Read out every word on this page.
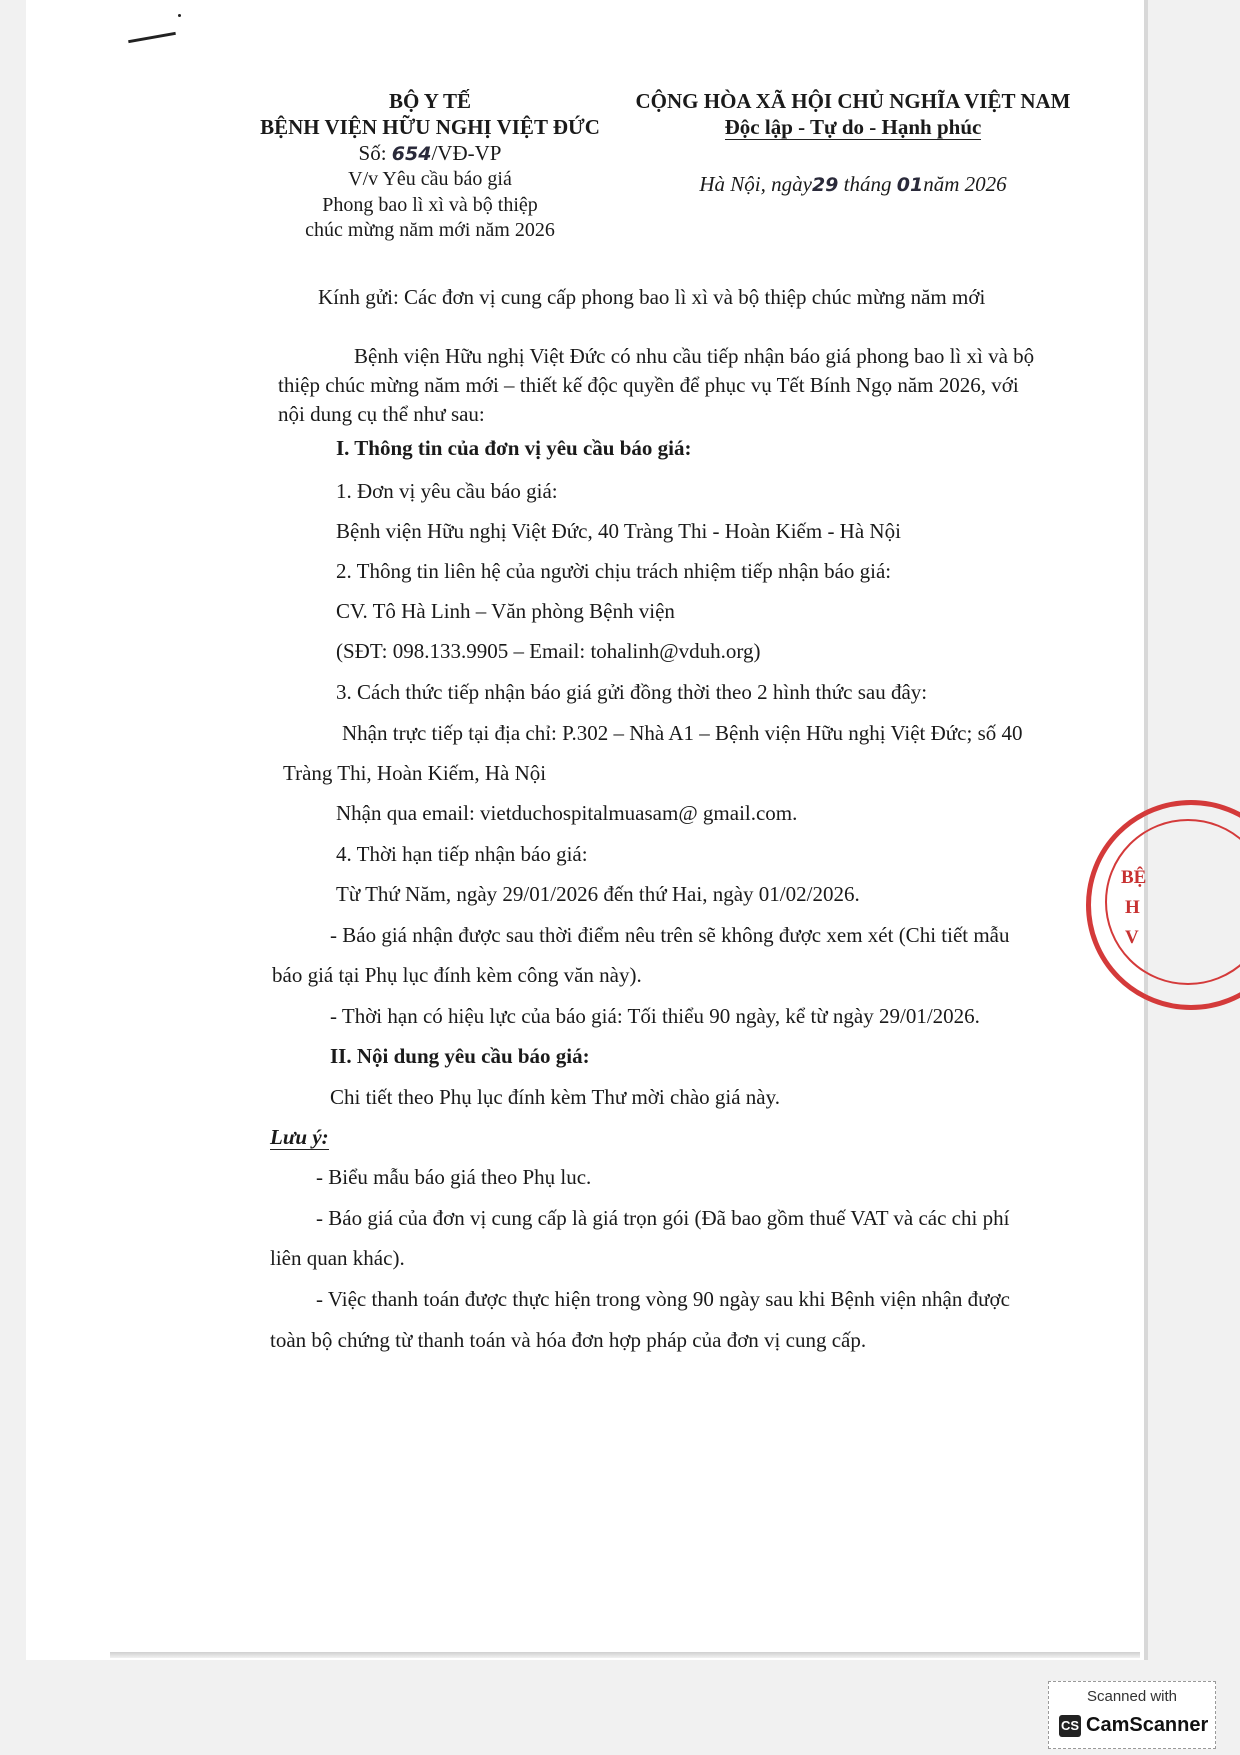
BỘ Y TẾ
BỆNH VIỆN HỮU NGHỊ VIỆT ĐỨC
Số: 654/VĐ-VP
V/v Yêu cầu báo giá
Phong bao lì xì và bộ thiệp
chúc mừng năm mới năm 2026
CỘNG HÒA XÃ HỘI CHỦ NGHĨA VIỆT NAM
Độc lập - Tự do - Hạnh phúc
Hà Nội, ngày29 tháng 01năm 2026
Kính gửi: Các đơn vị cung cấp phong bao lì xì và bộ thiệp chúc mừng năm mới
Bệnh viện Hữu nghị Việt Đức có nhu cầu tiếp nhận báo giá phong bao lì xì và bộ
thiệp chúc mừng năm mới – thiết kế độc quyền để phục vụ Tết Bính Ngọ năm 2026, với
nội dung cụ thể như sau:
I. Thông tin của đơn vị yêu cầu báo giá:
1. Đơn vị yêu cầu báo giá:
Bệnh viện Hữu nghị Việt Đức, 40 Tràng Thi - Hoàn Kiếm - Hà Nội
2. Thông tin liên hệ của người chịu trách nhiệm tiếp nhận báo giá:
CV. Tô Hà Linh – Văn phòng Bệnh viện
(SĐT: 098.133.9905 – Email: tohalinh@vduh.org)
3. Cách thức tiếp nhận báo giá gửi đồng thời theo 2 hình thức sau đây:
Nhận trực tiếp tại địa chỉ: P.302 – Nhà A1 – Bệnh viện Hữu nghị Việt Đức; số 40
Tràng Thi, Hoàn Kiếm, Hà Nội
Nhận qua email: vietduchospitalmuasam@ gmail.com.
4. Thời hạn tiếp nhận báo giá:
Từ Thứ Năm, ngày 29/01/2026 đến thứ Hai, ngày 01/02/2026.
- Báo giá nhận được sau thời điểm nêu trên sẽ không được xem xét (Chi tiết mẫu
báo giá tại Phụ lục đính kèm công văn này).
- Thời hạn có hiệu lực của báo giá: Tối thiểu 90 ngày, kể từ ngày 29/01/2026.
II. Nội dung yêu cầu báo giá:
Chi tiết theo Phụ lục đính kèm Thư mời chào giá này.
Lưu ý:
- Biểu mẫu báo giá theo Phụ luc.
- Báo giá của đơn vị cung cấp là giá trọn gói (Đã bao gồm thuế VAT và các chi phí
liên quan khác).
- Việc thanh toán được thực hiện trong vòng 90 ngày sau khi Bệnh viện nhận được
toàn bộ chứng từ thanh toán và hóa đơn hợp pháp của đơn vị cung cấp.
BỆ
H
V
Scanned with
CS CamScanner
